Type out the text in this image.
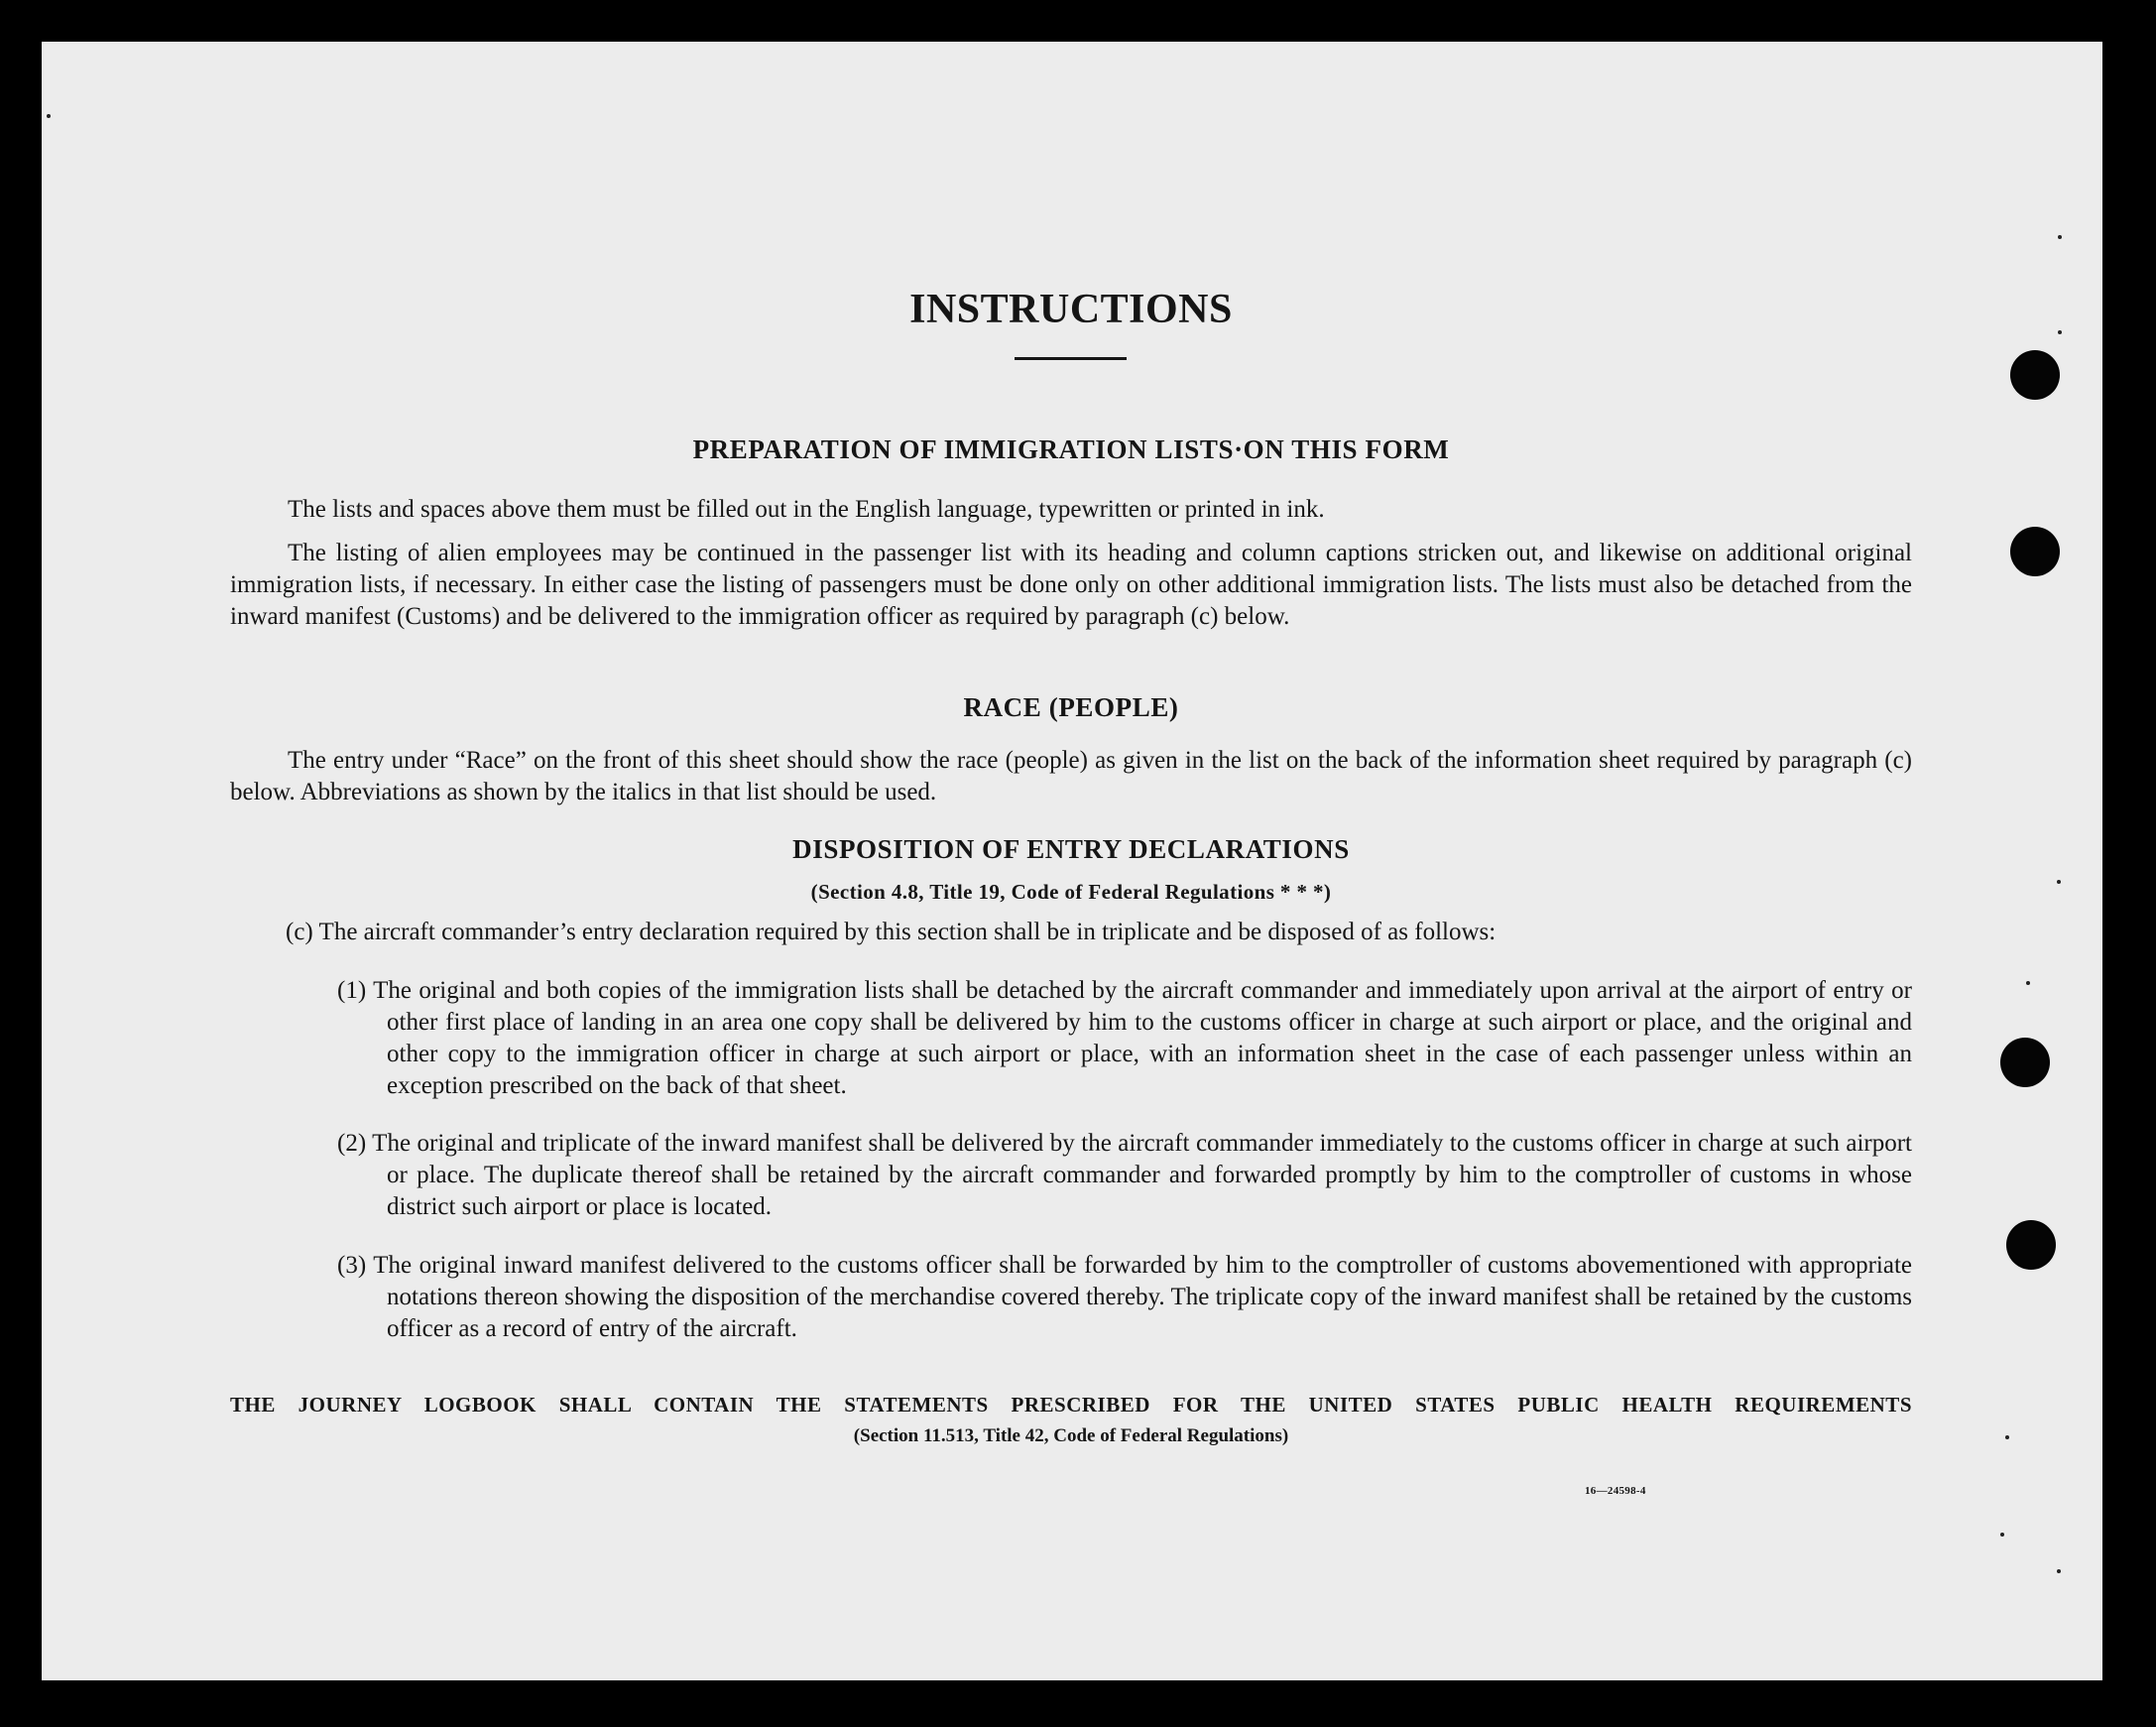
INSTRUCTIONS
PREPARATION OF IMMIGRATION LISTS·ON THIS FORM
The lists and spaces above them must be filled out in the English language, typewritten or printed in ink.
The listing of alien employees may be continued in the passenger list with its heading and column captions stricken out, and likewise on additional original immigration lists, if necessary. In either case the listing of passengers must be done only on other additional immigration lists. The lists must also be detached from the inward manifest (Customs) and be delivered to the immigration officer as required by paragraph (c) below.
RACE (PEOPLE)
The entry under “Race” on the front of this sheet should show the race (people) as given in the list on the back of the information sheet required by paragraph (c) below. Abbreviations as shown by the italics in that list should be used.
DISPOSITION OF ENTRY DECLARATIONS
(Section 4.8, Title 19, Code of Federal Regulations * * *)
(c) The aircraft commander’s entry declaration required by this section shall be in triplicate and be disposed of as follows:
(1) The original and both copies of the immigration lists shall be detached by the aircraft commander and immediately upon arrival at the airport of entry or other first place of landing in an area one copy shall be delivered by him to the customs officer in charge at such airport or place, and the original and other copy to the immigration officer in charge at such airport or place, with an information sheet in the case of each passenger unless within an exception prescribed on the back of that sheet.
(2) The original and triplicate of the inward manifest shall be delivered by the aircraft commander immediately to the customs officer in charge at such airport or place. The duplicate thereof shall be retained by the aircraft commander and forwarded promptly by him to the comptroller of customs in whose district such airport or place is located.
(3) The original inward manifest delivered to the customs officer shall be forwarded by him to the comptroller of customs abovementioned with appropriate notations thereon showing the disposition of the merchandise covered thereby. The triplicate copy of the inward manifest shall be retained by the customs officer as a record of entry of the aircraft.
THE JOURNEY LOGBOOK SHALL CONTAIN THE STATEMENTS PRESCRIBED FOR THE UNITED STATES PUBLIC HEALTH REQUIREMENTS
(Section 11.513, Title 42, Code of Federal Regulations)
16—24598-4
